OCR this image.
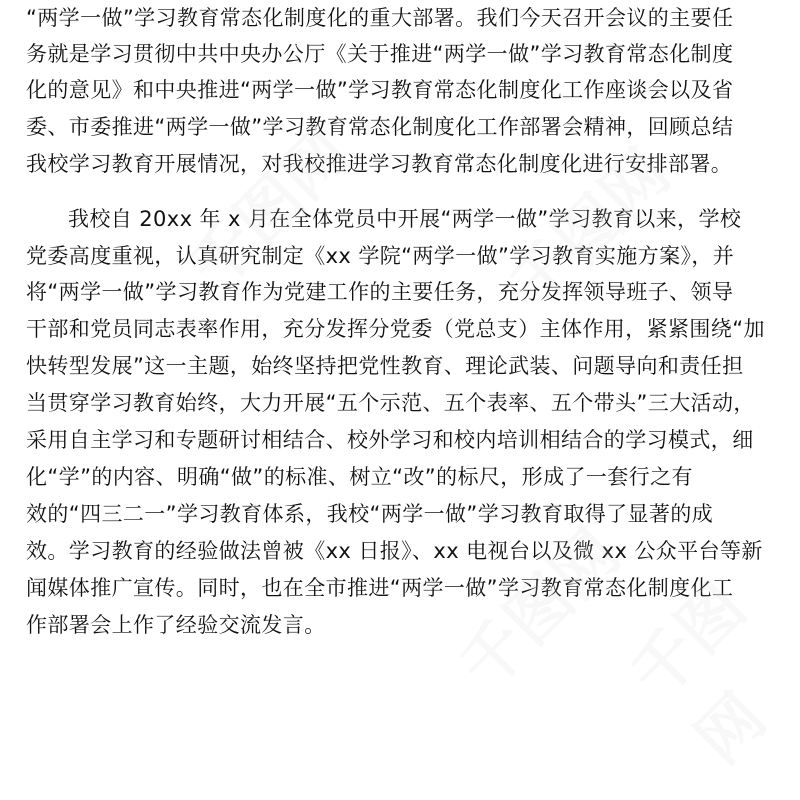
“两学一做”学习教育常态化制度化的重大部署。我们今天召开会议的主要任
务就是学习贯彻中共中央办公厅《关于推进“两学一做”学习教育常态化制度
化的意见》和中央推进“两学一做”学习教育常态化制度化工作座谈会以及省
委、市委推进“两学一做”学习教育常态化制度化工作部署会精神，回顾总结
我校学习教育开展情况，对我校推进学习教育常态化制度化进行安排部署。
我校自 20xx 年 x 月在全体党员中开展“两学一做”学习教育以来，学校
党委高度重视，认真研究制定《xx 学院“两学一做”学习教育实施方案》，并
将“两学一做”学习教育作为党建工作的主要任务，充分发挥领导班子、领导
干部和党员同志表率作用，充分发挥分党委（党总支）主体作用，紧紧围绕“加
快转型发展”这一主题，始终坚持把党性教育、理论武装、问题导向和责任担
当贯穿学习教育始终，大力开展“五个示范、五个表率、五个带头”三大活动，
采用自主学习和专题研讨相结合、校外学习和校内培训相结合的学习模式，细
化“学”的内容、明确“做”的标准、树立“改”的标尺，形成了一套行之有
效的“四三二一”学习教育体系，我校“两学一做”学习教育取得了显著的成
效。学习教育的经验做法曾被《xx 日报》、xx 电视台以及微 xx 公众平台等新
闻媒体推广宣传。同时，也在全市推进“两学一做”学习教育常态化制度化工
作部署会上作了经验交流发言。
千图网 千图网
千图网
千图网
